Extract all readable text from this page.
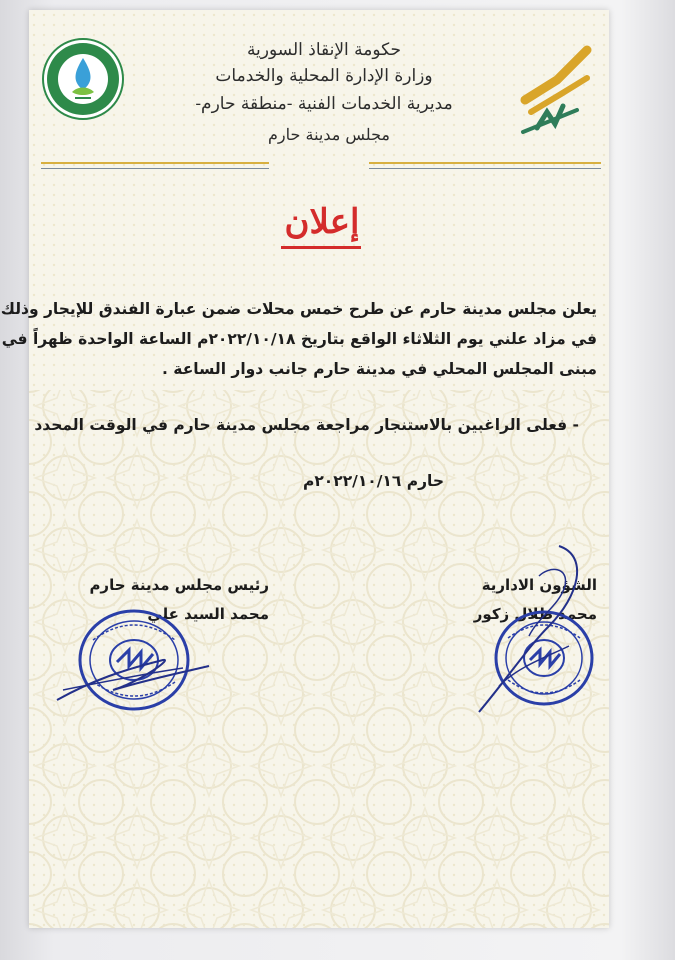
حكومة الإنقاذ السورية
وزارة الإدارة المحلية والخدمات
مديرية الخدمات الفنية -منطقة حارم-
مجلس مدينة حارم
إعلان
يعلن مجلس مدينة حارم عن طرح خمس محلات ضمن عبارة الفندق للإيجار وذلك
في مزاد علني يوم الثلاثاء الواقع بتاريخ ٢٠٢٢/١٠/١٨م الساعة الواحدة ظهراً في
مبنى المجلس المحلي في مدينة حارم جانب دوار الساعة .
- فعلى الراغبين بالاستنجار مراجعة مجلس مدينة حارم في الوقت المحدد
حارم ٢٠٢٢/١٠/١٦م
الشؤون الادارية
محمد طلال زكور
رئيس مجلس مدينة حارم
محمد السيد علي
